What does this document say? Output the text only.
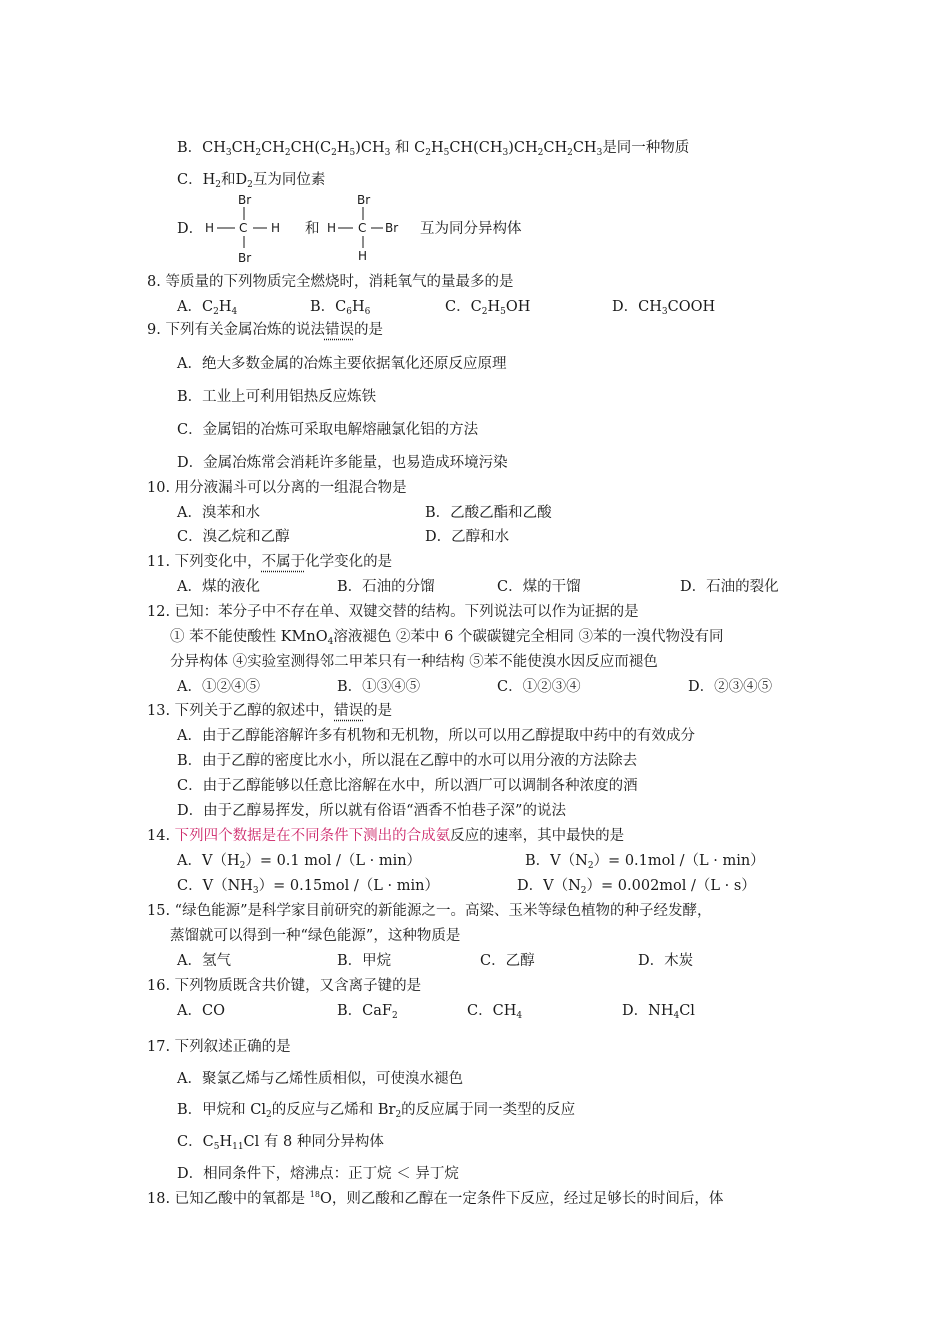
B．$CH_3CH_2CH_2CH(C_2H_5)CH_3$ 和 $C_2H_5CH(CH_3)CH_2CH_2CH_3$是同一种物质
C．$H_2$和$D_2$互为同位素
D．
Br
H C H
Br
和
Br
H C Br
H
互为同分异构体
8. 等质量的下列物质完全燃烧时，消耗氧气的量最多的是
A．$C_2H_4$	B．$C_6H_6$	C．$C_2H_5OH$	D．$CH_3COOH$
9. 下列有关金属冶炼的说法错误的是
A．绝大多数金属的冶炼主要依据氧化还原反应原理
B．工业上可利用铝热反应炼铁
C．金属铝的冶炼可采取电解熔融氯化铝的方法
D．金属冶炼常会消耗许多能量，也易造成环境污染
10. 用分液漏斗可以分离的一组混合物是
A．溴苯和水	B．乙酸乙酯和乙酸
C．溴乙烷和乙醇	D．乙醇和水
11. 下列变化中，不属于化学变化的是
A．煤的液化	B．石油的分馏	C．煤的干馏	D．石油的裂化
12. 已知：苯分子中不存在单、双键交替的结构。下列说法可以作为证据的是
① 苯不能使酸性 KMnO$_4$溶液褪色 ②苯中 6 个碳碳键完全相同 ③苯的一溴代物没有同
分异构体 ④实验室测得邻二甲苯只有一种结构 ⑤苯不能使溴水因反应而褪色
A．①②④⑤	B．①③④⑤	C．①②③④	D．②③④⑤
13. 下列关于乙醇的叙述中，错误的是
A．由于乙醇能溶解许多有机物和无机物，所以可以用乙醇提取中药中的有效成分
B．由于乙醇的密度比水小，所以混在乙醇中的水可以用分液的方法除去
C．由于乙醇能够以任意比溶解在水中，所以酒厂可以调制各种浓度的酒
D．由于乙醇易挥发，所以就有俗语“酒香不怕巷子深”的说法
14. 下列四个数据是在不同条件下测出的合成氨反应的速率，其中最快的是
A．$V(H_2)= 0.1$ mol /（L · min）	B．$V(N_2)= 0.1mol$ /（L · min）
C．$V(NH_3)= 0.15mol$ /（L · min）	D．$V(N_2)= 0.002mol$ /（L · s）
15. “绿色能源”是科学家目前研究的新能源之一。高粱、玉米等绿色植物的种子经发酵，
蒸馏就可以得到一种“绿色能源”，这种物质是
A．氢气	B．甲烷	C．乙醇	D．木炭
16. 下列物质既含共价键，又含离子键的是
A．CO	B．CaF$_2$	C．$CH_4$	D．$NH_4Cl$
17. 下列叙述正确的是
A．聚氯乙烯与乙烯性质相似，可使溴水褪色
B．甲烷和 $Cl_2$的反应与乙烯和 $Br_2$的反应属于同一类型的反应
C．$C_5H_{11}Cl$ 有 8 种同分异构体
D．相同条件下，熔沸点：正丁烷 ＜ 异丁烷
18. 已知乙酸中的氧都是 $^{18}$O，则乙酸和乙醇在一定条件下反应，经过足够长的时间后，体
